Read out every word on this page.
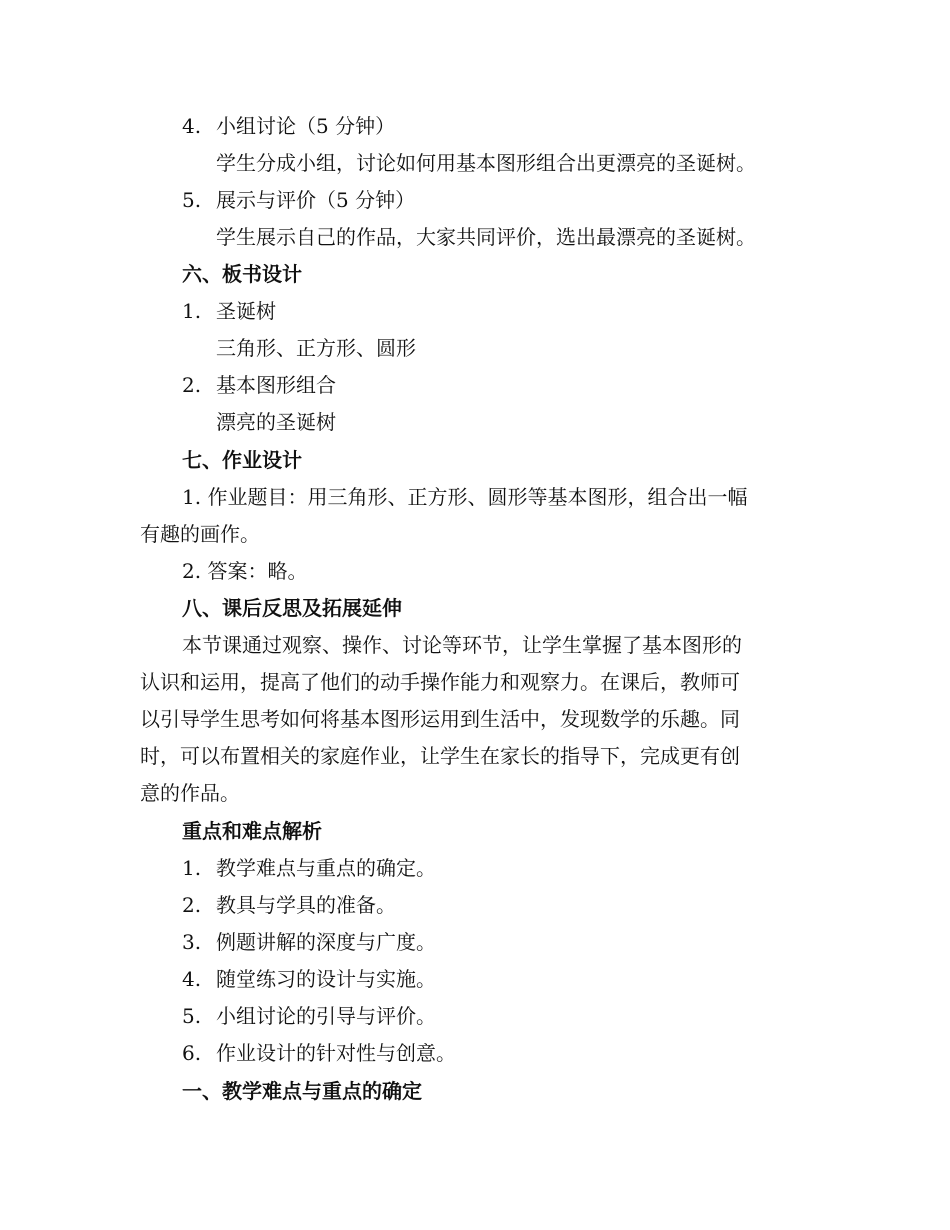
4. 小组讨论（5 分钟）
学生分成小组，讨论如何用基本图形组合出更漂亮的圣诞树。
5. 展示与评价（5 分钟）
学生展示自己的作品，大家共同评价，选出最漂亮的圣诞树。
六、板书设计
1. 圣诞树
三角形、正方形、圆形
2. 基本图形组合
漂亮的圣诞树
七、作业设计
1. 作业题目：用三角形、正方形、圆形等基本图形，组合出一幅
有趣的画作。
2. 答案：略。
八、课后反思及拓展延伸
本节课通过观察、操作、讨论等环节，让学生掌握了基本图形的
认识和运用，提高了他们的动手操作能力和观察力。在课后，教师可
以引导学生思考如何将基本图形运用到生活中，发现数学的乐趣。同
时，可以布置相关的家庭作业，让学生在家长的指导下，完成更有创
意的作品。
重点和难点解析
1. 教学难点与重点的确定。
2. 教具与学具的准备。
3. 例题讲解的深度与广度。
4. 随堂练习的设计与实施。
5. 小组讨论的引导与评价。
6. 作业设计的针对性与创意。
一、教学难点与重点的确定
